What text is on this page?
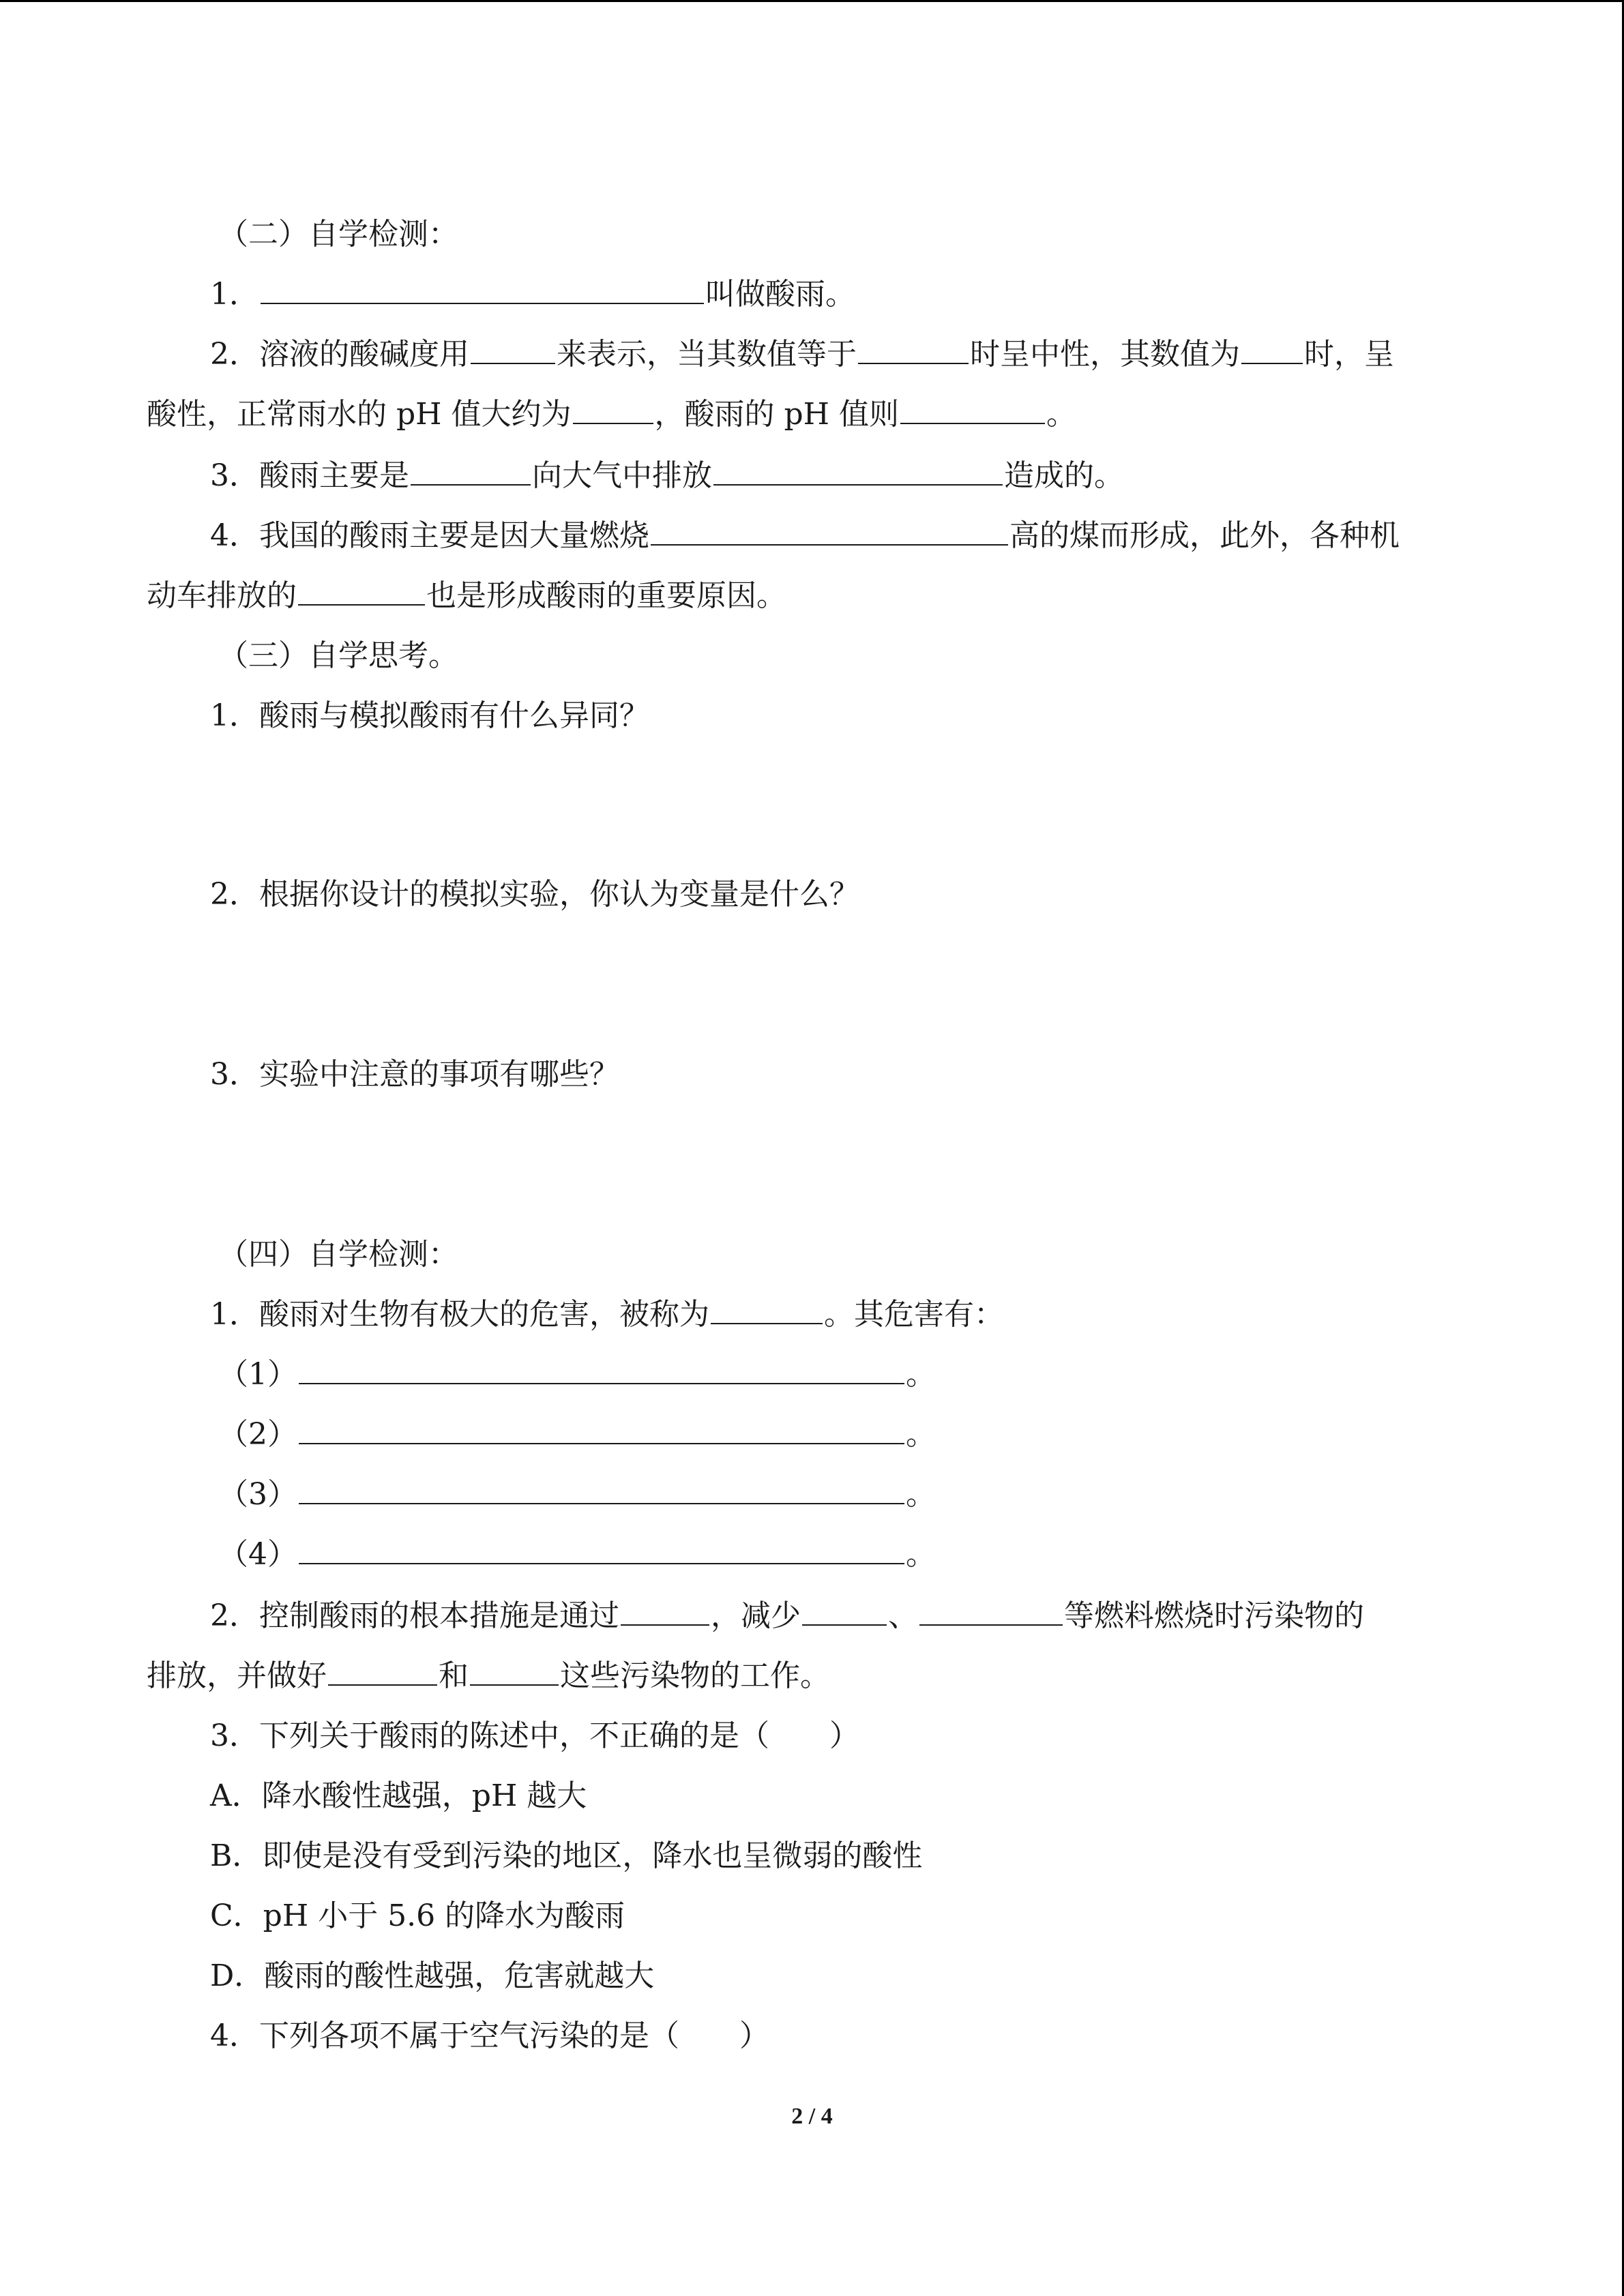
（二）自学检测：
1．	叫做酸雨。
2．溶液的酸碱度用	来表示，当其数值等于	时呈中性，其数值为 时，呈
酸性，正常雨水的 pH 值大约为	，酸雨的 pH 值则	。
3．酸雨主要是	向大气中排放	造成的。
4．我国的酸雨主要是因大量燃烧	高的煤而形成，此外，各种机
动车排放的	也是形成酸雨的重要原因。
（三）自学思考。
1．酸雨与模拟酸雨有什么异同？
2．根据你设计的模拟实验，你认为变量是什么？
3．实验中注意的事项有哪些？
（四）自学检测：
1．酸雨对生物有极大的危害，被称为	。其危害有：
（1）	。
（2）	。
（3）	。
（4）	。
2．控制酸雨的根本措施是通过	，减少	、	等燃料燃烧时污染物的
排放，并做好	和	这些污染物的工作。
3．下列关于酸雨的陈述中，不正确的是（　　）
A．降水酸性越强，pH 越大
B．即使是没有受到污染的地区，降水也呈微弱的酸性
C．pH 小于 5.6 的降水为酸雨
D．酸雨的酸性越强，危害就越大
4．下列各项不属于空气污染的是（　　）
2 / 4
